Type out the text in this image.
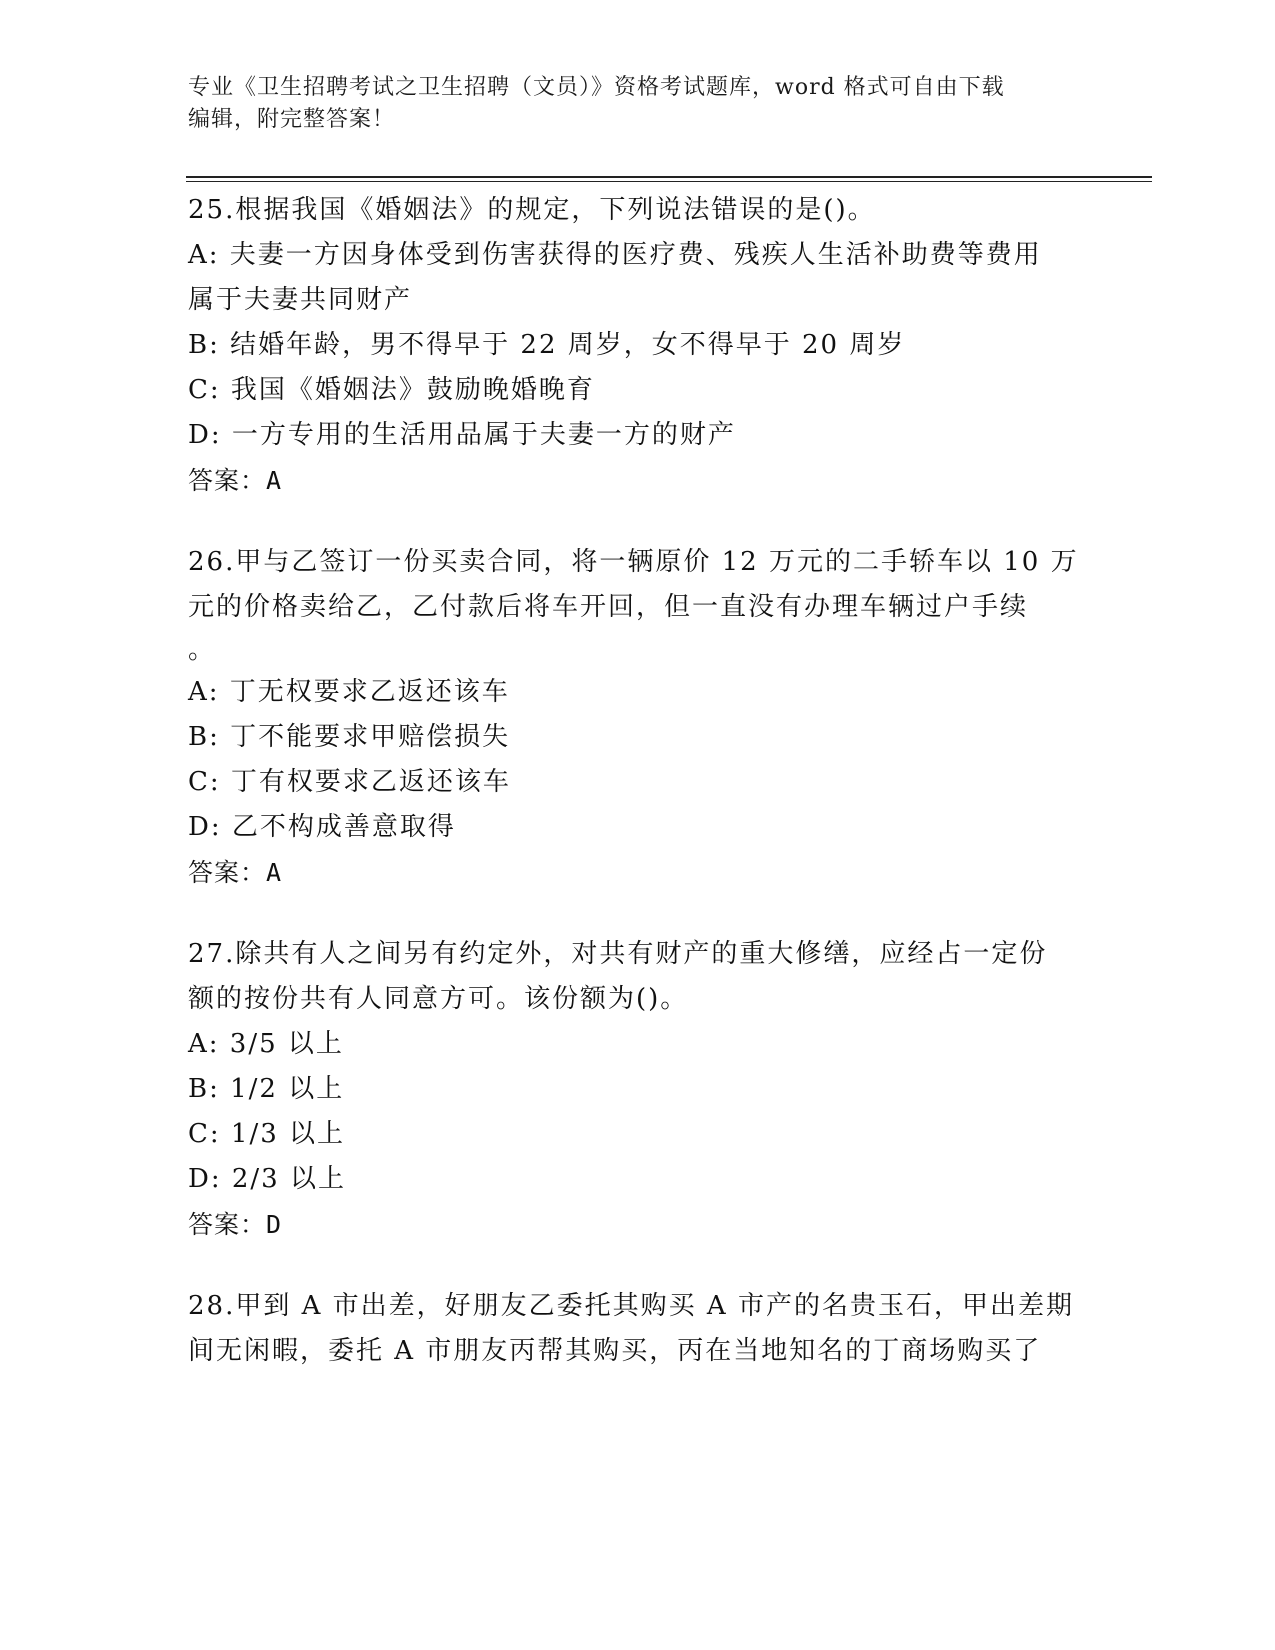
专业《卫生招聘考试之卫生招聘（文员）》资格考试题库，word 格式可自由下载
编辑，附完整答案！
25.根据我国《婚姻法》的规定，下列说法错误的是()。
A: 夫妻一方因身体受到伤害获得的医疗费、残疾人生活补助费等费用
属于夫妻共同财产
B: 结婚年龄，男不得早于 22 周岁，女不得早于 20 周岁
C: 我国《婚姻法》鼓励晚婚晚育
D: 一方专用的生活用品属于夫妻一方的财产
答案：A
26.甲与乙签订一份买卖合同，将一辆原价 12 万元的二手轿车以 10 万
元的价格卖给乙，乙付款后将车开回，但一直没有办理车辆过户手续
。
A: 丁无权要求乙返还该车
B: 丁不能要求甲赔偿损失
C: 丁有权要求乙返还该车
D: 乙不构成善意取得
答案：A
27.除共有人之间另有约定外，对共有财产的重大修缮，应经占一定份
额的按份共有人同意方可。该份额为()。
A: 3/5 以上
B: 1/2 以上
C: 1/3 以上
D: 2/3 以上
答案：D
28.甲到 A 市出差，好朋友乙委托其购买 A 市产的名贵玉石，甲出差期
间无闲暇，委托 A 市朋友丙帮其购买，丙在当地知名的丁商场购买了
